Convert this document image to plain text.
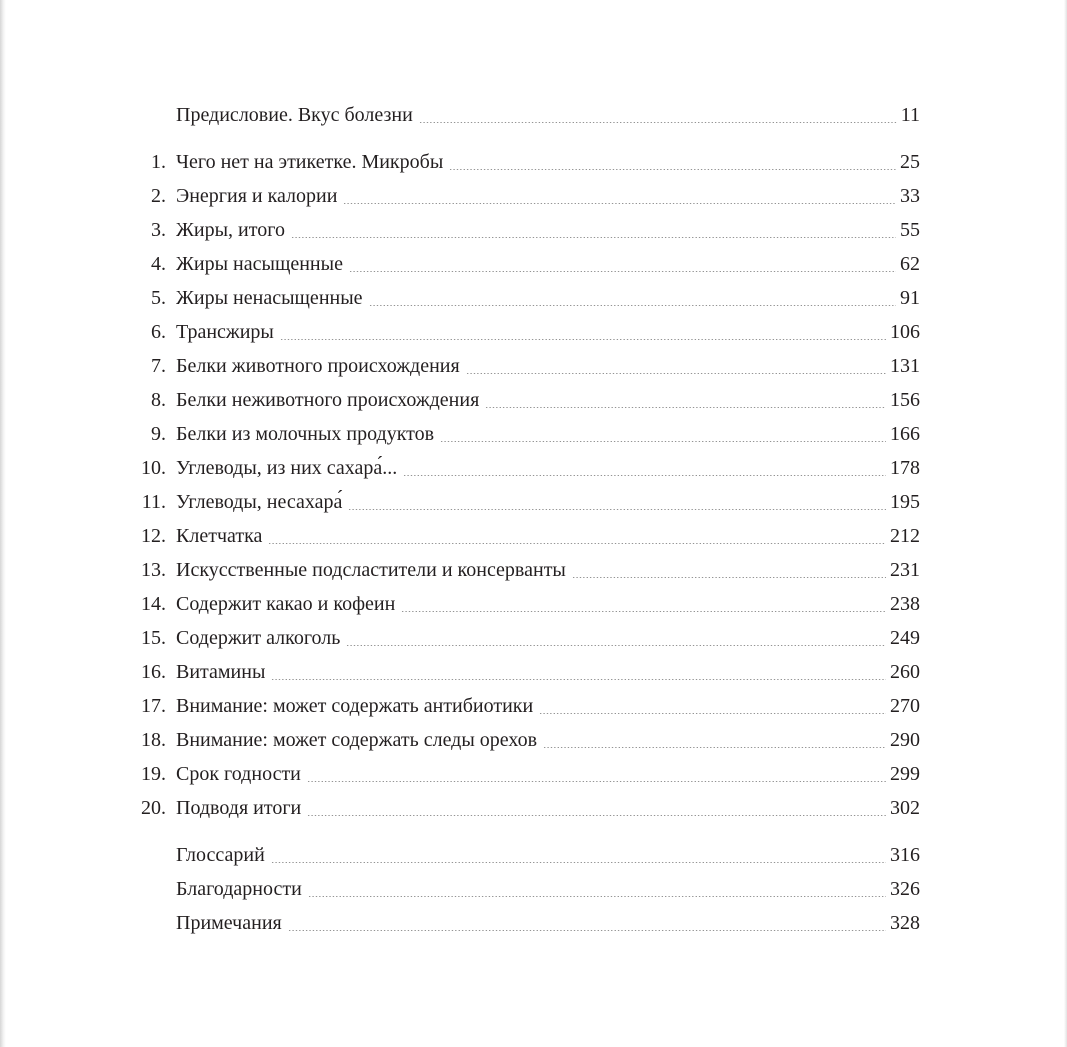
Предисловие. Вкус болезни	11
1. Чего нет на этикетке. Микробы	25
2. Энергия и калории	33
3. Жиры, итого	55
4. Жиры насыщенные	62
5. Жиры ненасыщенные	91
6. Трансжиры	106
7. Белки животного происхождения	131
8. Белки неживотного происхождения	156
9. Белки из молочных продуктов	166
10. Углеводы, из них сахара́...	178
11. Углеводы, несахара́	195
12. Клетчатка	212
13. Искусственные подсластители и консерванты	231
14. Содержит какао и кофеин	238
15. Содержит алкоголь	249
16. Витамины	260
17. Внимание: может содержать антибиотики	270
18. Внимание: может содержать следы орехов	290
19. Срок годности	299
20. Подводя итоги	302
Глоссарий	316
Благодарности	326
Примечания	328
